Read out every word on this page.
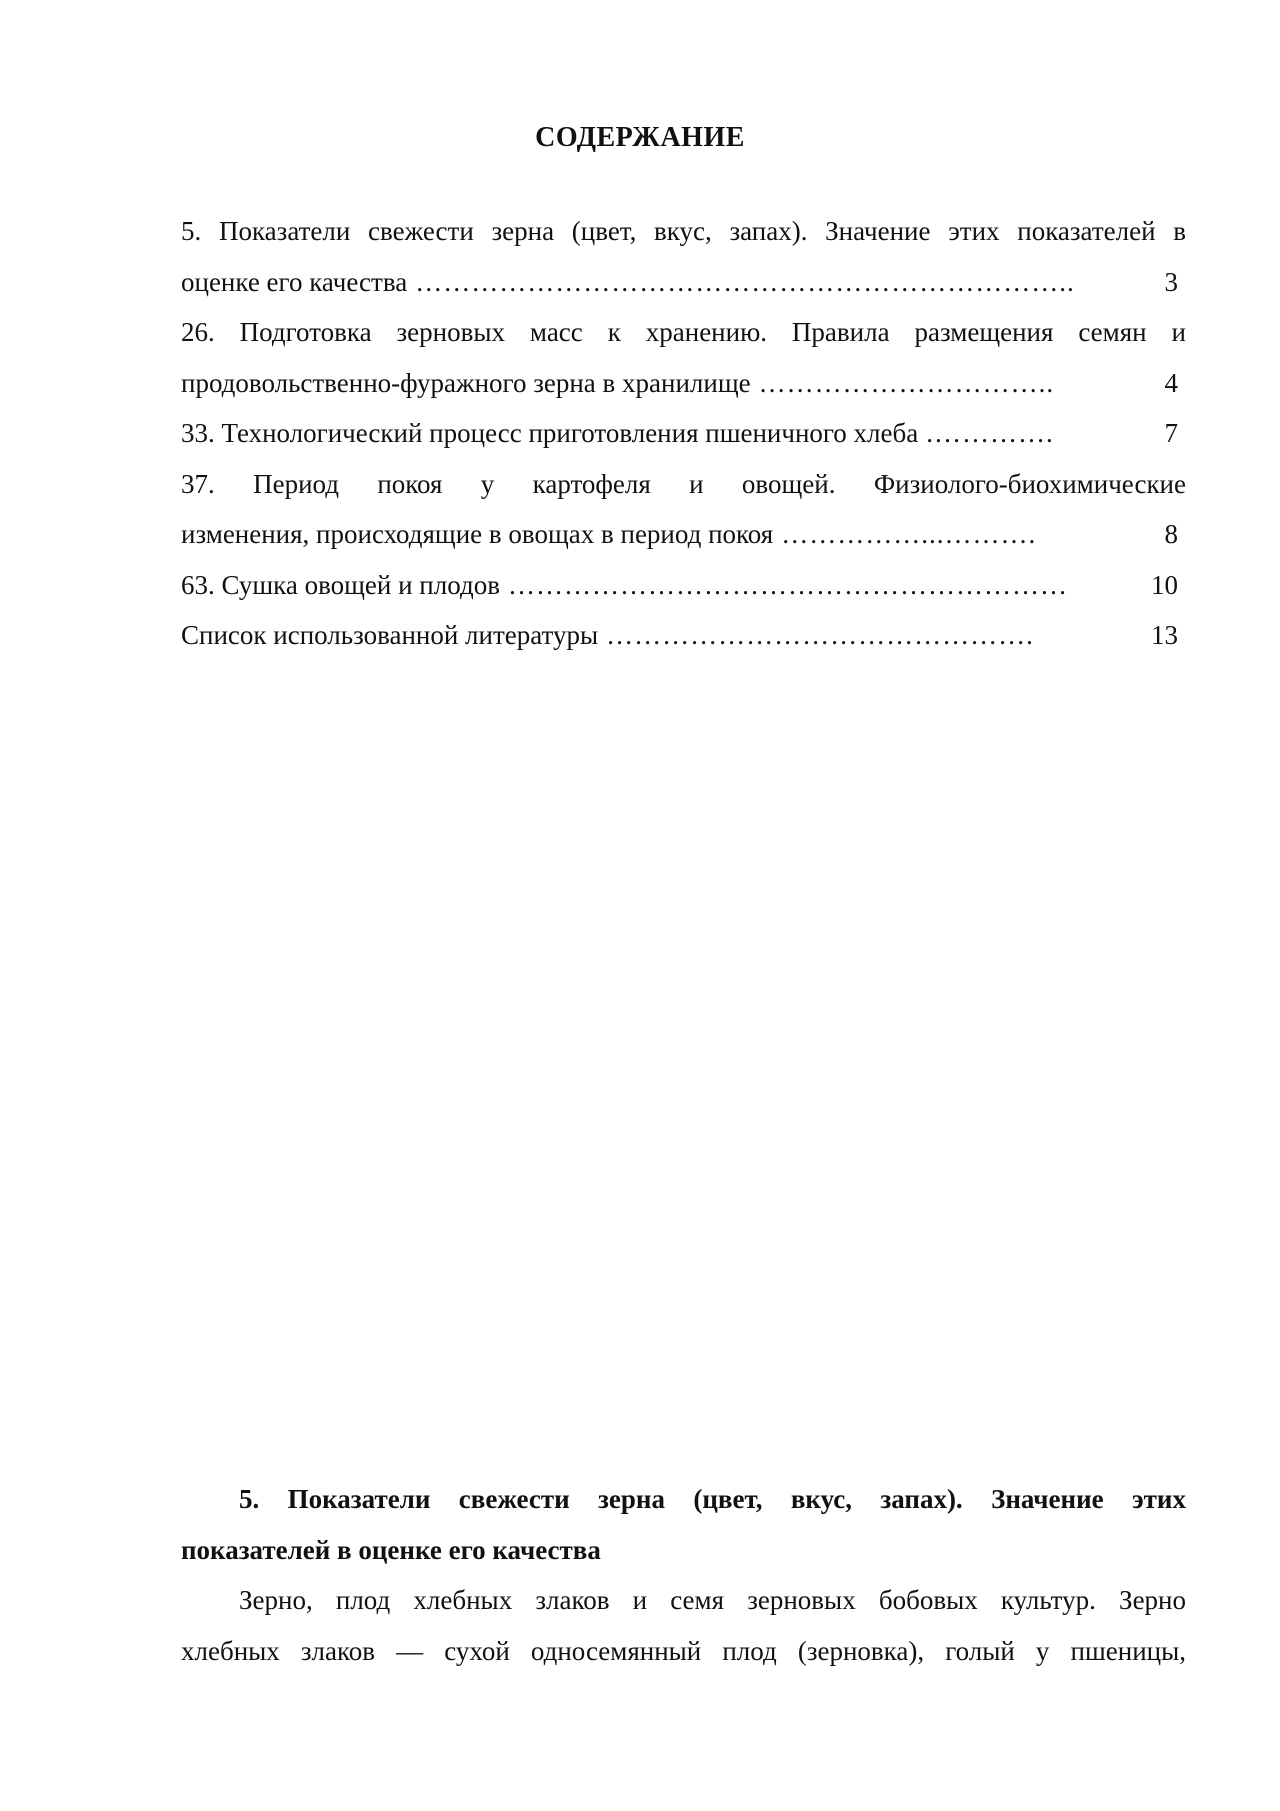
СОДЕРЖАНИЕ
5. Показатели свежести зерна (цвет, вкус, запах). Значение этих показателей в
оценке его качества ……………………………………………………………..	3
26. Подготовка зерновых масс к хранению. Правила размещения семян и
продовольственно-фуражного зерна в хранилище …………………………..	4
33. Технологический процесс приготовления пшеничного хлеба .………….	7
37. Период покоя у картофеля и овощей. Физиолого-биохимические
изменения, происходящие в овощах в период покоя ……………...……….	8
63. Сушка овощей и плодов ……………………………………………………	10
Список использованной литературы ……………………………………….	13
5. Показатели свежести зерна (цвет, вкус, запах). Значение этих
показателей в оценке его качества
Зерно, плод хлебных злаков и семя зерновых бобовых культур. Зерно
хлебных злаков — сухой односемянный плод (зерновка), голый у пшеницы,
